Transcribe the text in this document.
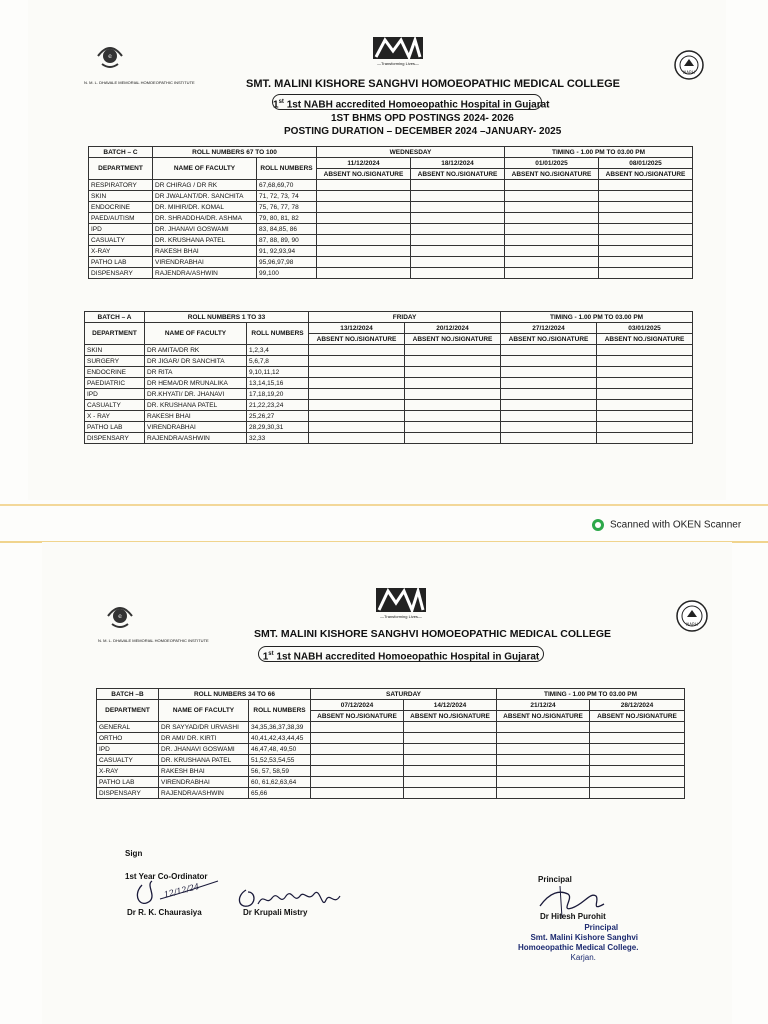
e
N. M. L. DHAVALE MEMORIAL HOMOEOPATHIC INSTITUTE
—Transforming Lives—
NABH
SMT. MALINI KISHORE SANGHVI HOMOEOPATHIC MEDICAL COLLEGE
1st 1st NABH accredited Homoeopathic Hospital in Gujarat
1ST BHMS OPD POSTINGS 2024- 2026
POSTING DURATION – DECEMBER 2024 –JANUARY- 2025
BATCH – C	ROLL NUMBERS 67 TO 100		WEDNESDAY		TIMING - 1.00 PM TO 03.00 PM	
DEPARTMENT	NAME OF FACULTY	ROLL NUMBERS	11/12/2024	18/12/2024	01/01/2025	08/01/2025
			ABSENT NO./SIGNATURE	ABSENT NO./SIGNATURE	ABSENT NO./SIGNATURE	ABSENT NO./SIGNATURE
RESPIRATORY	DR CHIRAG / DR RK	67,68,69,70				
SKIN	DR JWALANT/DR. SANCHITA	71, 72, 73, 74				
ENDOCRINE	DR. MIHIR/DR. KOMAL	75, 76, 77, 78				
PAED/AUTISM	DR. SHRADDHA/DR. ASHMA	79, 80, 81, 82				
IPD	DR. JHANAVI GOSWAMI	83, 84,85, 86				
CASUALTY	DR. KRUSHANA PATEL	87, 88, 89, 90				
X-RAY	RAKESH BHAI	91, 92,93,94				
PATHO LAB	VIRENDRABHAI	95,96,97,98				
DISPENSARY	RAJENDRA/ASHWIN	99,100				
BATCH – A	ROLL NUMBERS 1 TO 33		FRIDAY		TIMING - 1.00 PM TO 03.00 PM	
DEPARTMENT	NAME OF FACULTY	ROLL NUMBERS	13/12/2024	20/12/2024	27/12/2024	03/01/2025
			ABSENT NO./SIGNATURE	ABSENT NO./SIGNATURE	ABSENT NO./SIGNATURE	ABSENT NO./SIGNATURE
SKIN	DR AMITA/DR RK	1,2,3,4				
SURGERY	DR JIGAR/ DR SANCHITA	5,6,7,8				
ENDOCRINE	DR RITA	9,10,11,12				
PAEDIATRIC	DR HEMA/DR MRUNALIKA	13,14,15,16				
IPD	DR.KHYATI/ DR. JHANAVI	17,18,19,20				
CASUALTY	DR. KRUSHANA PATEL	21,22,23,24				
X - RAY	RAKESH BHAI	25,26,27				
PATHO LAB	VIRENDRABHAI	28,29,30,31				
DISPENSARY	RAJENDRA/ASHWIN	32,33				
Scanned with OKEN Scanner
e
N. M. L. DHAVALE MEMORIAL HOMOEOPATHIC INSTITUTE
—Transforming Lives—
NABH
SMT. MALINI KISHORE SANGHVI HOMOEOPATHIC MEDICAL COLLEGE
1st 1st NABH accredited Homoeopathic Hospital in Gujarat
BATCH –B	ROLL NUMBERS 34 TO 66		SATURDAY		TIMING - 1.00 PM TO 03.00 PM	
DEPARTMENT	NAME OF FACULTY	ROLL NUMBERS	07/12/2024	14/12/2024	21/12/24	28/12/2024
			ABSENT NO./SIGNATURE	ABSENT NO./SIGNATURE	ABSENT NO./SIGNATURE	ABSENT NO./SIGNATURE
GENERAL	DR SAYYAD/DR URVASHI	34,35,36,37,38,39				
ORTHO	DR AMI/ DR. KIRTI	40,41,42,43,44,45				
IPD	DR. JHANAVI GOSWAMI	46,47,48, 49,50				
CASUALTY	DR. KRUSHANA PATEL	51,52,53,54,55				
X-RAY	RAKESH BHAI	56, 57, 58,59				
PATHO LAB	VIRENDRABHAI	60, 61,62,63,64				
DISPENSARY	RAJENDRA/ASHWIN	65,66				
Sign
1st Year Co-Ordinator
12/12/24
Dr R. K. Chaurasiya	Dr Krupali Mistry
Principal
Dr Hitesh Purohit
Principal
Smt. Malini Kishore Sanghvi
Homoeopathic Medical College.
Karjan.
